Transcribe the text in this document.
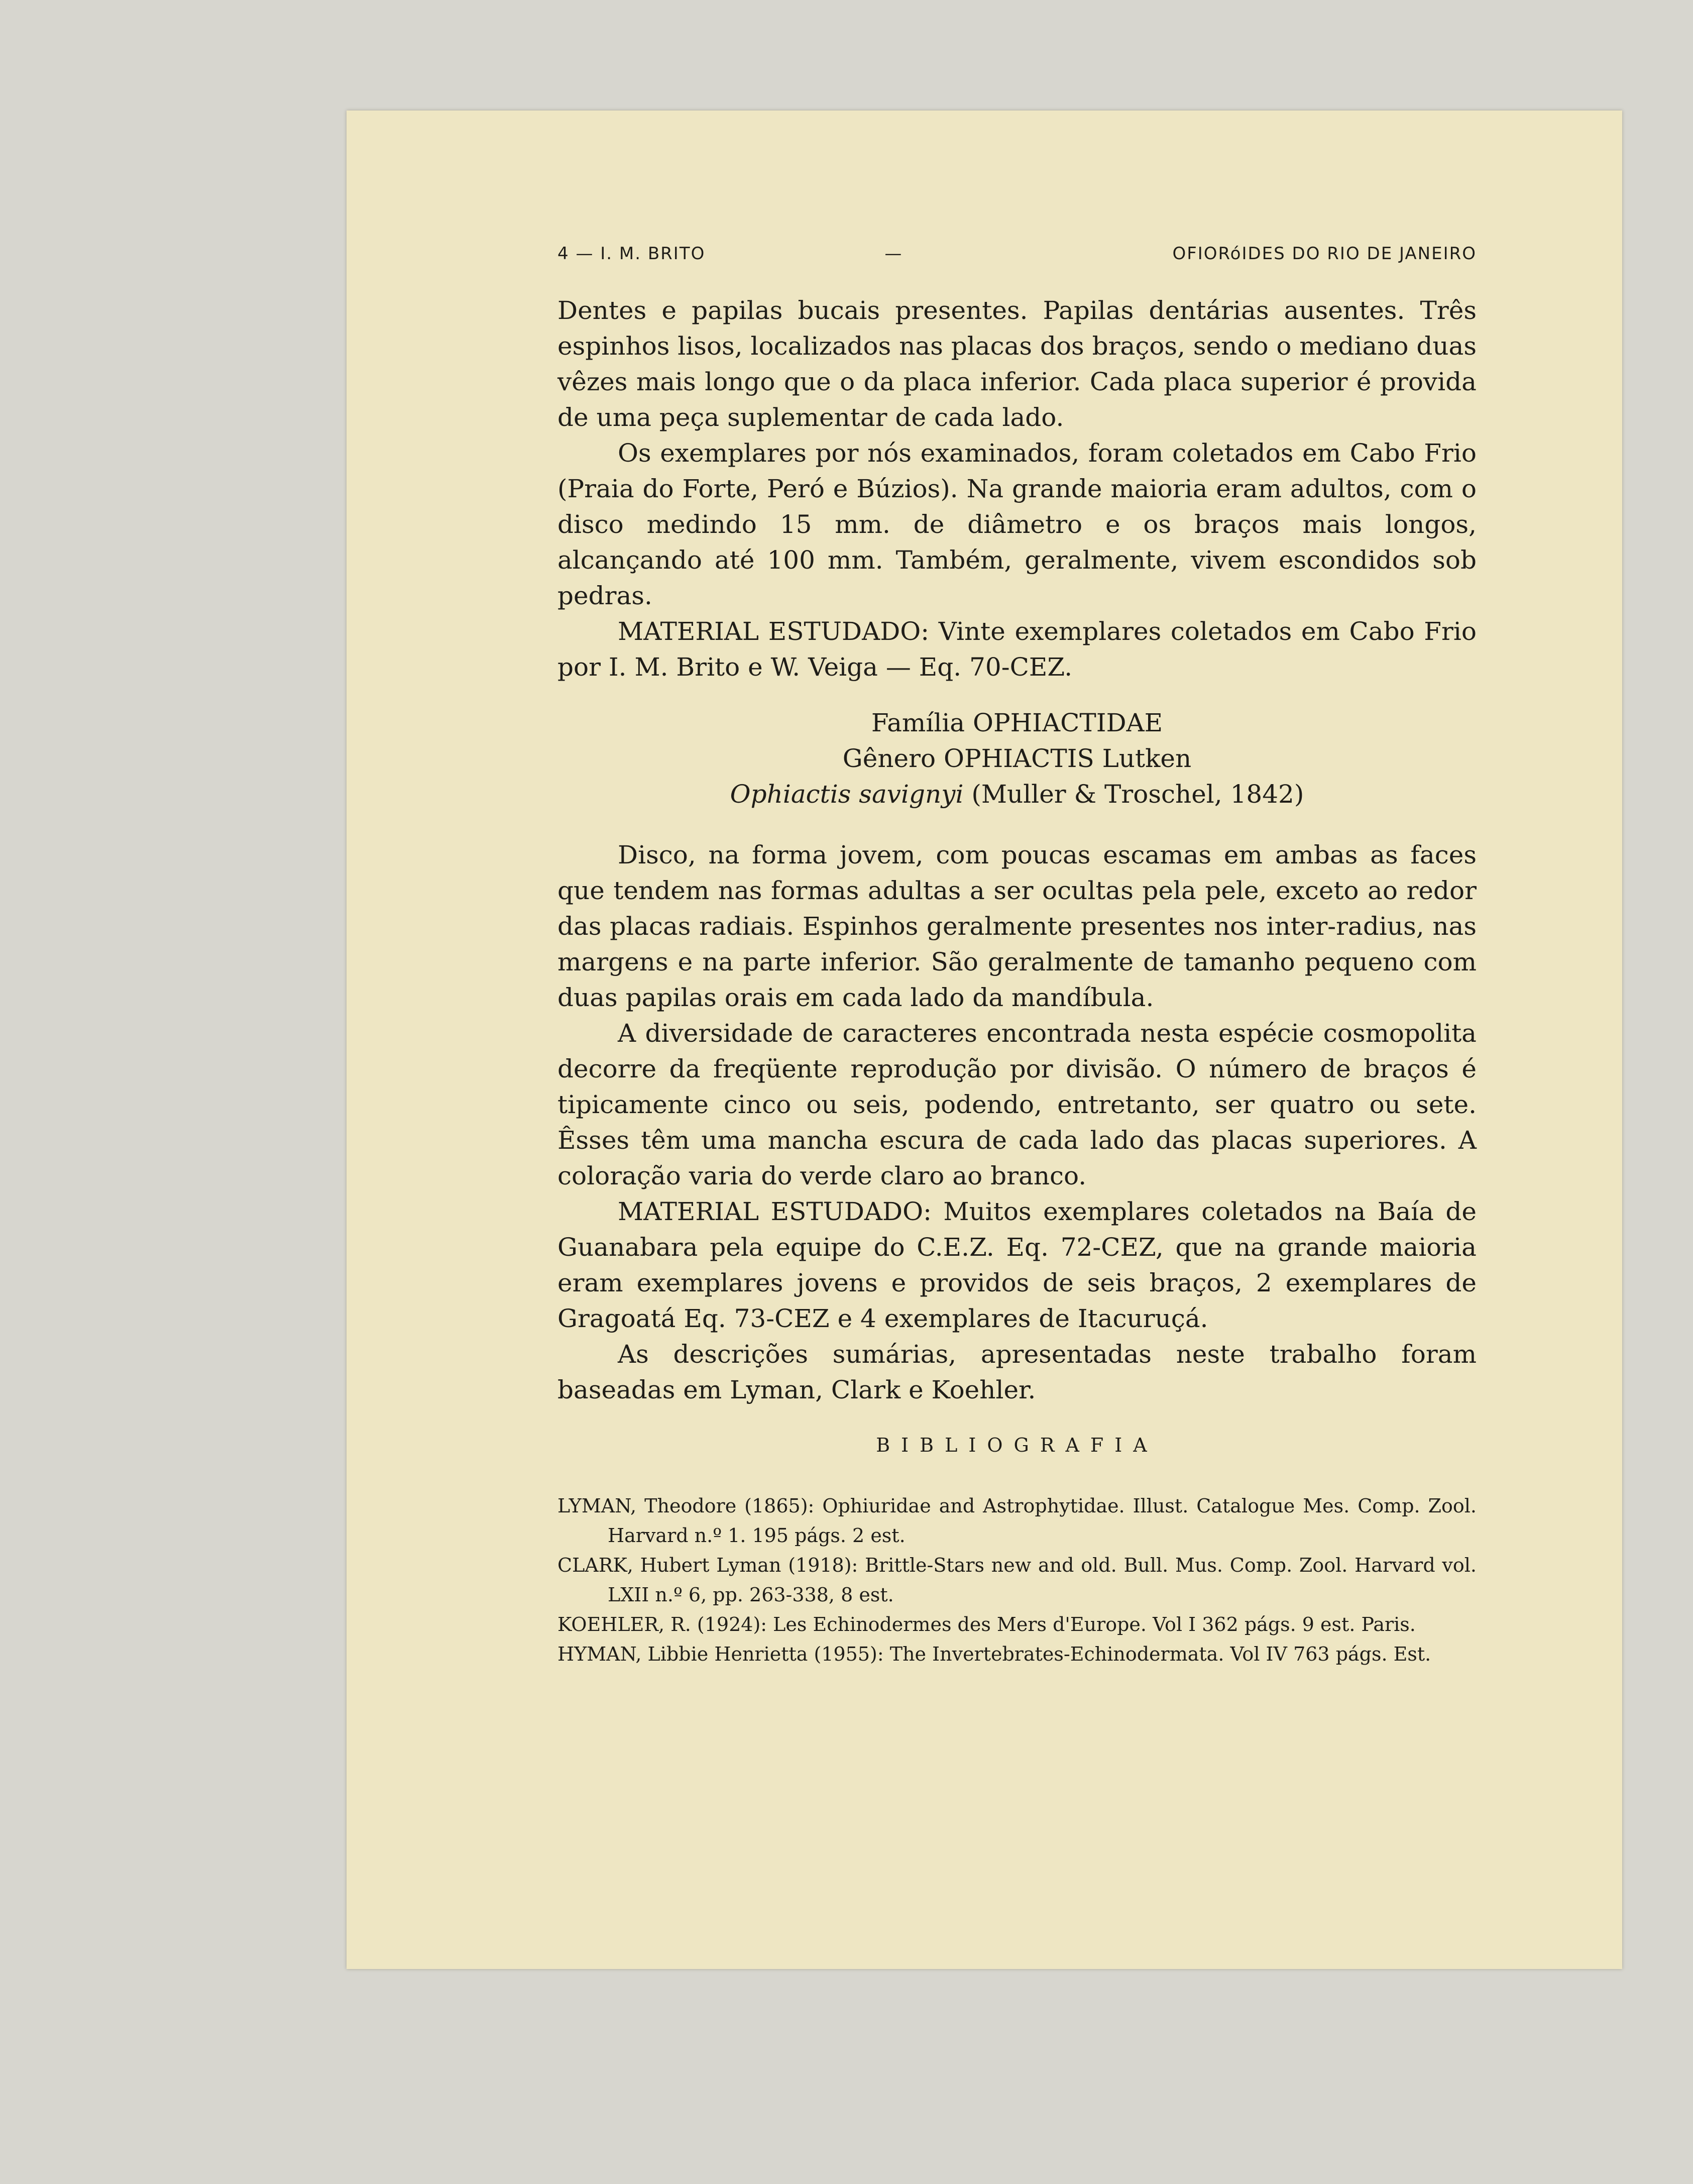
4 — I. M. BRITO	—	OFIORóIDES DO RIO DE JANEIRO

Dentes e papilas bucais presentes. Papilas dentárias ausentes. Três espinhos lisos, localizados nas placas dos braços, sendo o mediano duas vêzes mais longo que o da placa inferior. Cada placa superior é provida de uma peça suplementar de cada lado.

Os exemplares por nós examinados, foram coletados em Cabo Frio (Praia do Forte, Peró e Búzios). Na grande maioria eram adultos, com o disco medindo 15 mm. de diâmetro e os braços mais longos, alcançando até 100 mm. Também, geralmente, vivem escondidos sob pedras.

MATERIAL ESTUDADO: Vinte exemplares coletados em Cabo Frio por I. M. Brito e W. Veiga — Eq. 70-CEZ.

Família OPHIACTIDAE
Gênero OPHIACTIS Lutken
Ophiactis savignyi (Muller & Troschel, 1842)

Disco, na forma jovem, com poucas escamas em ambas as faces que tendem nas formas adultas a ser ocultas pela pele, exceto ao redor das placas radiais. Espinhos geralmente presentes nos inter-radius, nas margens e na parte inferior. São geralmente de tamanho pequeno com duas papilas orais em cada lado da mandíbula.

A diversidade de caracteres encontrada nesta espécie cosmopolita decorre da freqüente reprodução por divisão. O número de braços é tipicamente cinco ou seis, podendo, entretanto, ser quatro ou sete. Êsses têm uma mancha escura de cada lado das placas superiores. A coloração varia do verde claro ao branco.

MATERIAL ESTUDADO: Muitos exemplares coletados na Baía de Guanabara pela equipe do C.E.Z. Eq. 72-CEZ, que na grande maioria eram exemplares jovens e providos de seis braços, 2 exemplares de Gragoatá Eq. 73-CEZ e 4 exemplares de Itacuruçá.

As descrições sumárias, apresentadas neste trabalho foram baseadas em Lyman, Clark e Koehler.

BIBLIOGRAFIA
LYMAN, Theodore (1865): Ophiuridae and Astrophytidae. Illust. Catalogue Mes. Comp. Zool. Harvard n.º 1. 195 págs. 2 est.
CLARK, Hubert Lyman (1918): Brittle-Stars new and old. Bull. Mus. Comp. Zool. Harvard vol. LXII n.º 6, pp. 263-338, 8 est.
KOEHLER, R. (1924): Les Echinodermes des Mers d'Europe. Vol I 362 págs. 9 est. Paris.
HYMAN, Libbie Henrietta (1955): The Invertebrates-Echinodermata. Vol IV 763 págs. Est.
